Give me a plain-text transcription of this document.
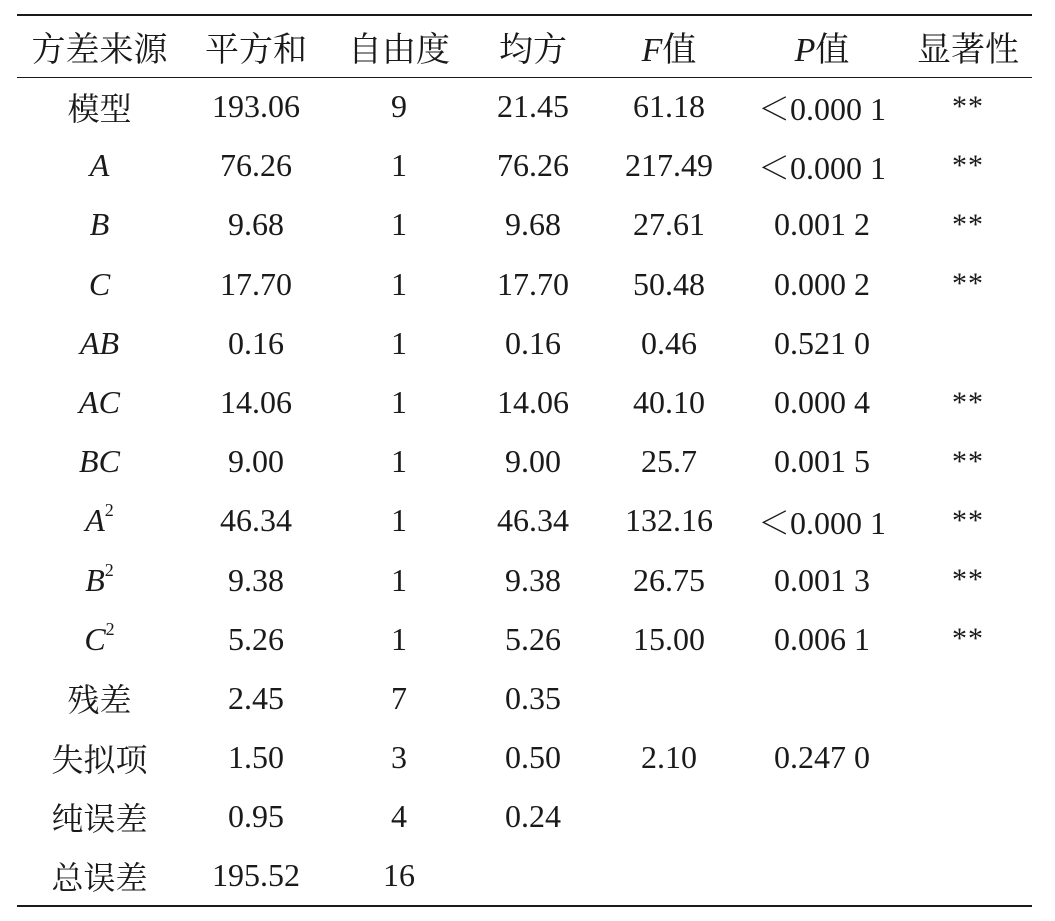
方差来源	平方和	自由度	均方	F值	P值	显著性
模型	193.06	9	21.45	61.18	＜0.000 1	**
A	76.26	1	76.26	217.49	＜0.000 1	**
B	9.68	1	9.68	27.61	0.001 2	**
C	17.70	1	17.70	50.48	0.000 2	**
AB	0.16	1	0.16	0.46	0.521 0	
AC	14.06	1	14.06	40.10	0.000 4	**
BC	9.00	1	9.00	25.7	0.001 5	**
$A^2$	46.34	1	46.34	132.16	＜0.000 1	**
$B^2$	9.38	1	9.38	26.75	0.001 3	**
$C^2$	5.26	1	5.26	15.00	0.006 1	**
残差	2.45	7	0.35			
失拟项	1.50	3	0.50	2.10	0.247 0	
纯误差	0.95	4	0.24			
总误差	195.52	16				
